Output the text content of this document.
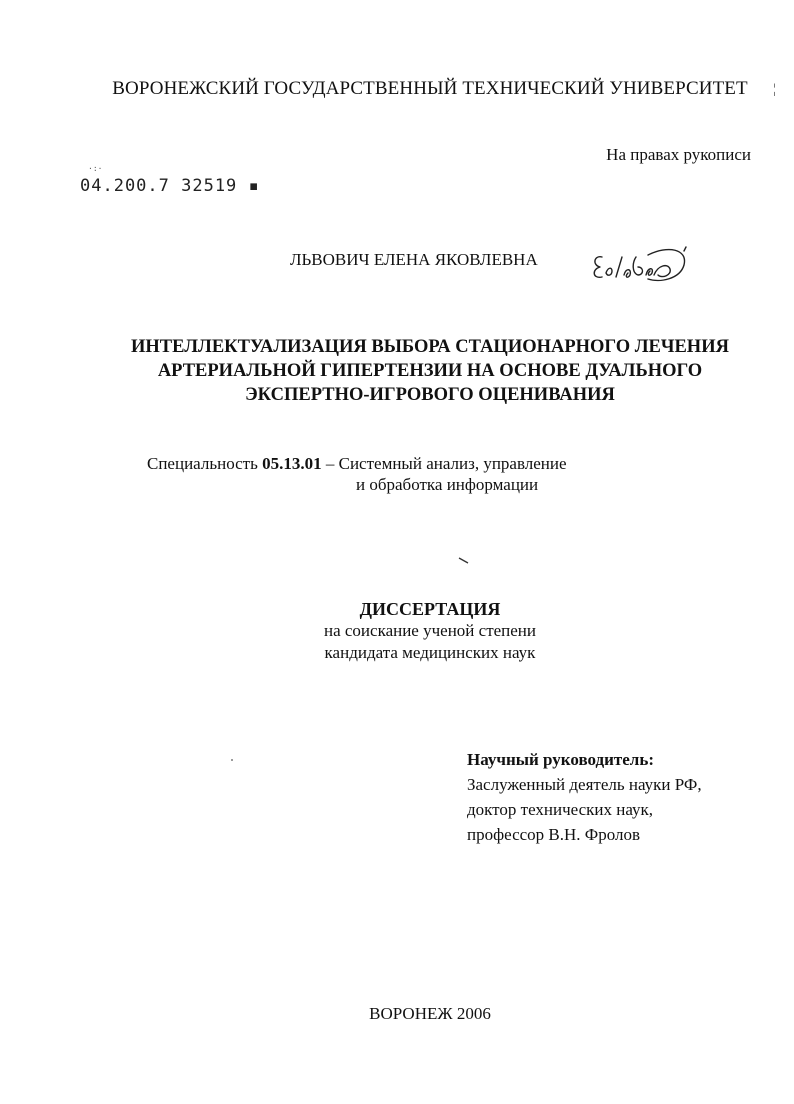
ВОРОНЕЖСКИЙ ГОСУДАРСТВЕННЫЙ ТЕХНИЧЕСКИЙ УНИВЕРСИТЕТ	¦
На правах рукописи
·:·
04.200.7 32519 ▪
ЛЬВОВИЧ ЕЛЕНА ЯКОВЛЕВНА
ИНТЕЛЛЕКТУАЛИЗАЦИЯ ВЫБОРА СТАЦИОНАРНОГО ЛЕЧЕНИЯ
АРТЕРИАЛЬНОЙ ГИПЕРТЕНЗИИ НА ОСНОВЕ ДУАЛЬНОГО
ЭКСПЕРТНО-ИГРОВОГО ОЦЕНИВАНИЯ
Специальность 05.13.01 – Системный анализ, управление
и обработка информации
ДИССЕРТАЦИЯ
на соискание ученой степени
кандидата медицинских наук
Научный руководитель:
Заслуженный деятель науки РФ,
доктор технических наук,
профессор В.Н. Фролов
ВОРОНЕЖ 2006
